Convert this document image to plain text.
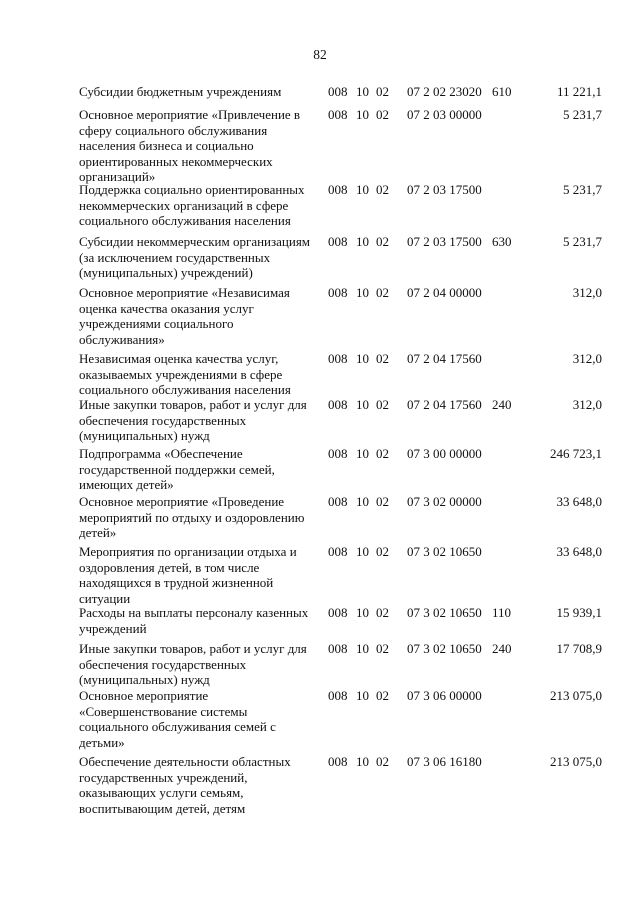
82
Субсидии бюджетным учреждениям	008 10 02 07 2 02 23020 610	11 221,1
Основное мероприятие «Привлечение в
сферу социального обслуживания
населения бизнеса и социально
ориентированных некоммерческих
организаций»
008 10 02 07 2 03 00000	5 231,7
Поддержка социально ориентированных
некоммерческих организаций в сфере
социального обслуживания населения
008 10 02 07 2 03 17500	5 231,7
Субсидии некоммерческим организациям
(за исключением государственных
(муниципальных) учреждений)
008 10 02 07 2 03 17500 630	5 231,7
Основное мероприятие «Независимая
оценка качества оказания услуг
учреждениями социального
обслуживания»
008 10 02 07 2 04 00000	312,0
Независимая оценка качества услуг,
оказываемых учреждениями в сфере
социального обслуживания населения
008 10 02 07 2 04 17560	312,0
Иные закупки товаров, работ и услуг для
обеспечения государственных
(муниципальных) нужд
008 10 02 07 2 04 17560 240	312,0
Подпрограмма «Обеспечение
государственной поддержки семей,
имеющих детей»
008 10 02 07 3 00 00000	246 723,1
Основное мероприятие «Проведение
мероприятий по отдыху и оздоровлению
детей»
008 10 02 07 3 02 00000	33 648,0
Мероприятия по организации отдыха и
оздоровления детей, в том числе
находящихся в трудной жизненной
ситуации
008 10 02 07 3 02 10650	33 648,0
Расходы на выплаты персоналу казенных
учреждений
008 10 02 07 3 02 10650 110	15 939,1
Иные закупки товаров, работ и услуг для
обеспечения государственных
(муниципальных) нужд
008 10 02 07 3 02 10650 240	17 708,9
Основное мероприятие
«Совершенствование системы
социального обслуживания семей с
детьми»
008 10 02 07 3 06 00000	213 075,0
Обеспечение деятельности областных
государственных учреждений,
оказывающих услуги семьям,
воспитывающим детей, детям
008 10 02 07 3 06 16180	213 075,0
